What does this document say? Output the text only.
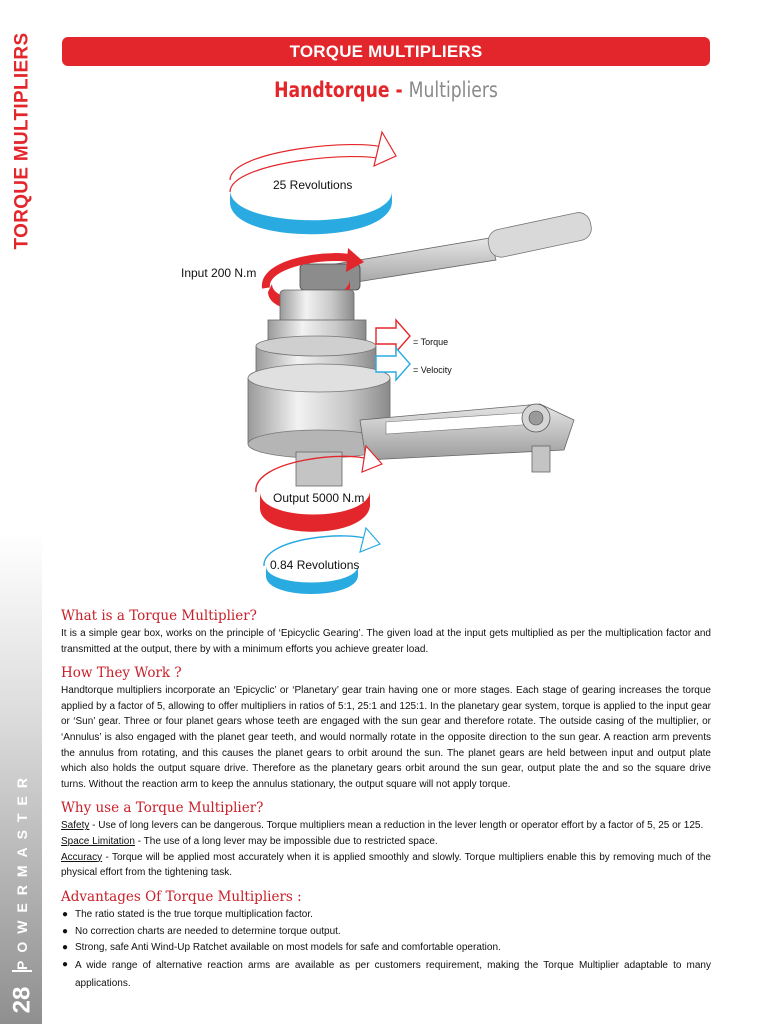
TORQUE MULTIPLIERS
POWERMASTER
28
TORQUE MULTIPLIERS
Handtorque - Multipliers
25 Revolutions
Input 200 N.m
= Torque
= Velocity
Output 5000 N.m
0.84 Revolutions
What is a Torque Multiplier?

It is a simple gear box, works on the principle of ‘Epicyclic Gearing’. The given load at the input gets multiplied as per the multiplication factor and transmitted at the output, there by with a minimum efforts you achieve greater load.

How They Work ?

Handtorque multipliers incorporate an ‘Epicyclic’ or ‘Planetary’ gear train having one or more stages. Each stage of gearing increases the torque applied by a factor of 5, allowing to offer multipliers in ratios of 5:1, 25:1 and 125:1. In the planetary gear system, torque is applied to the input gear or ‘Sun’ gear. Three or four planet gears whose teeth are engaged with the sun gear and therefore rotate. The outside casing of the multiplier, or ‘Annulus’ is also engaged with the planet gear teeth, and would normally rotate in the opposite direction to the sun gear. A reaction arm prevents the annulus from rotating, and this causes the planet gears to orbit around the sun. The planet gears are held between input and output plate which also holds the output square drive. Therefore as the planetary gears orbit around the sun gear, output plate the and so the square drive turns. Without the reaction arm to keep the annulus stationary, the output square will not apply torque.

Why use a Torque Multiplier?

Safety - Use of long levers can be dangerous. Torque multipliers mean a reduction in the lever length or operator effort by a factor of 5, 25 or 125.

Space Limitation - The use of a long lever may be impossible due to restricted space.

Accuracy - Torque will be applied most accurately when it is applied smoothly and slowly. Torque multipliers enable this by removing much of the physical effort from the tightening task.

Advantages Of Torque Multipliers :
● The ratio stated is the true torque multiplication factor.
● No correction charts are needed to determine torque output.
● Strong, safe Anti Wind-Up Ratchet available on most models for safe and comfortable operation.
● A wide range of alternative reaction arms are available as per customers requirement, making the Torque Multiplier adaptable to many applications.
